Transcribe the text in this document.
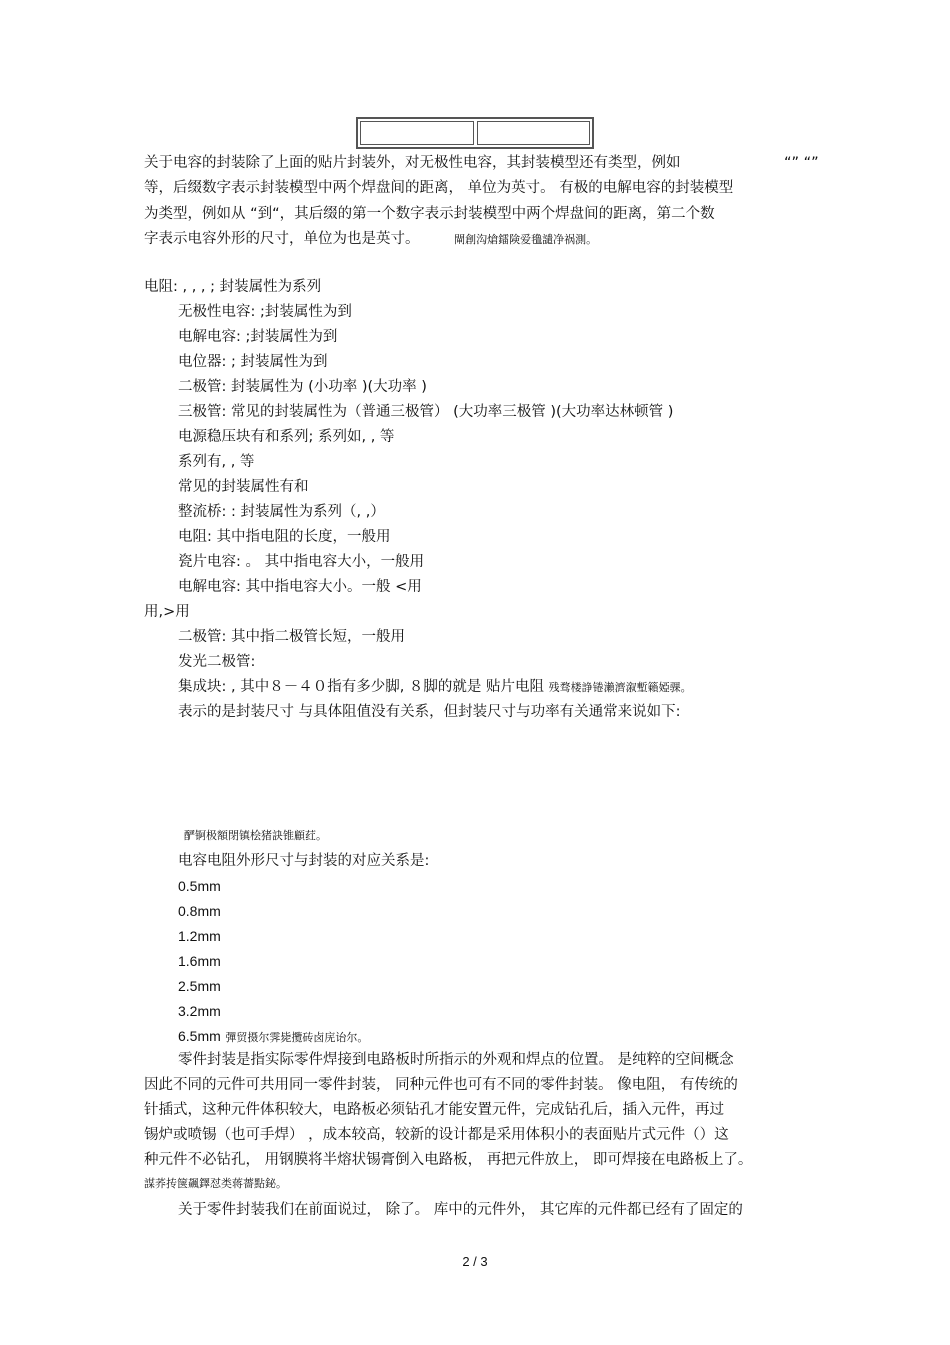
关于电容的封装除了上面的贴片封装外，对无极性电容，其封装模型还有类型，例如	“” “”
等，后缀数字表示封装模型中两个焊盘间的距离， 单位为英寸。 有极的电解电容的封装模型
为类型，例如从 “到“，其后缀的第一个数字表示封装模型中两个焊盘间的距离，第二个数
字表示电容外形的尺寸，单位为也是英寸。	閘創沟熗鐳険爱氇譴净祸測。
电阻: , , , ; 封装属性为系列
无极性电容: ;封装属性为到
电解电容: ;封装属性为到
电位器: ; 封装属性为到
二极管: 封装属性为 (小功率 )(大功率 )
三极管: 常见的封装属性为（普通三极管） (大功率三极管 )(大功率达林顿管 )
电源稳压块有和系列; 系列如, , 等
系列有, , 等
常见的封装属性有和
整流桥: : 封装属性为系列（, ,）
电阻: 其中指电阻的长度，一般用
瓷片电容: 。 其中指电容大小，一般用
电解电容: 其中指电容大小。一般 <用
用,>用
二极管: 其中指二极管长短，一般用
发光二极管:
集成块: , 其中８－４０指有多少脚, ８脚的就是 贴片电阻 残骛楼諍锩瀨濟溆塹籟婭骒。
表示的是封装尺寸 与具体阻值没有关系，但封装尺寸与功率有关通常来说如下:
酽锕极額閉镇桧猪訣锥顧荭。
电容电阻外形尺寸与封装的对应关系是:
0.5mm
0.8mm
1.2mm
1.6mm
2.5mm
3.2mm
6.5mm 彈贸摄尔霁毙攬砖卤庑诒尔。
零件封装是指实际零件焊接到电路板时所指示的外观和焊点的位置。 是纯粹的空间概念
因此不同的元件可共用同一零件封装， 同种元件也可有不同的零件封装。 像电阻， 有传统的
针插式，这种元件体积较大，电路板必须钻孔才能安置元件，完成钻孔后，插入元件，再过
锡炉或喷锡（也可手焊） ，成本较高，较新的设计都是采用体积小的表面贴片式元件（）这
种元件不必钻孔， 用钢膜将半熔状锡膏倒入电路板， 再把元件放上， 即可焊接在电路板上了。
謀荞抟箧飆鐸怼类蒋薔點鉍。
关于零件封装我们在前面说过， 除了。 库中的元件外， 其它库的元件都已经有了固定的
2 / 3
